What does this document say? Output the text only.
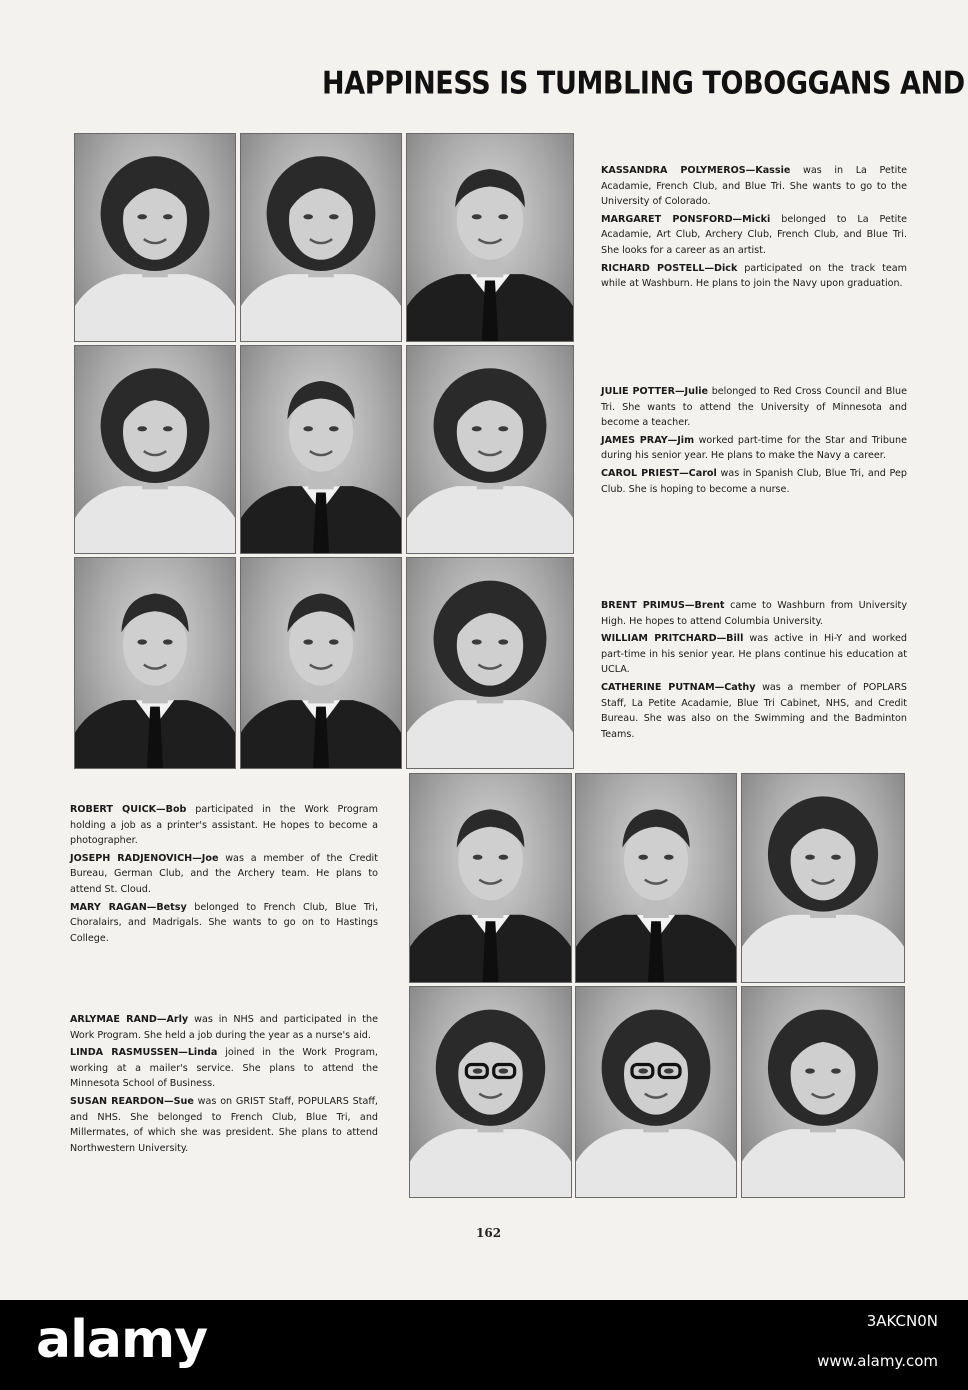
HAPPINESS IS TUMBLING TOBOGGANS AND

KASSANDRA POLYMEROS—Kassie was in La Petite Acadamie, French Club, and Blue Tri. She wants to go to the University of Colorado.

MARGARET PONSFORD—Micki belonged to La Petite Acadamie, Art Club, Archery Club, French Club, and Blue Tri. She looks for a career as an artist.

RICHARD POSTELL—Dick participated on the track team while at Washburn. He plans to join the Navy upon graduation.

JULIE POTTER—Julie belonged to Red Cross Council and Blue Tri. She wants to attend the University of Minnesota and become a teacher.

JAMES PRAY—Jim worked part-time for the Star and Tribune during his senior year. He plans to make the Navy a career.

CAROL PRIEST—Carol was in Spanish Club, Blue Tri, and Pep Club. She is hoping to become a nurse.

BRENT PRIMUS—Brent came to Washburn from University High. He hopes to attend Columbia University.

WILLIAM PRITCHARD—Bill was active in Hi-Y and worked part-time in his senior year. He plans continue his education at UCLA.

CATHERINE PUTNAM—Cathy was a member of POPLARS Staff, La Petite Acadamie, Blue Tri Cabinet, NHS, and Credit Bureau. She was also on the Swimming and the Badminton Teams.

ROBERT QUICK—Bob participated in the Work Program holding a job as a printer's assistant. He hopes to become a photographer.

JOSEPH RADJENOVICH—Joe was a member of the Credit Bureau, German Club, and the Archery team. He plans to attend St. Cloud.

MARY RAGAN—Betsy belonged to French Club, Blue Tri, Choralairs, and Madrigals. She wants to go on to Hastings College.

ARLYMAE RAND—Arly was in NHS and participated in the Work Program. She held a job during the year as a nurse's aid.

LINDA RASMUSSEN—Linda joined in the Work Program, working at a mailer's service. She plans to attend the Minnesota School of Business.

SUSAN REARDON—Sue was on GRIST Staff, POPULARS Staff, and NHS. She belonged to French Club, Blue Tri, and Millermates, of which she was president. She plans to attend Northwestern University.

162
alamy	3AKCN0N
www.alamy.com
